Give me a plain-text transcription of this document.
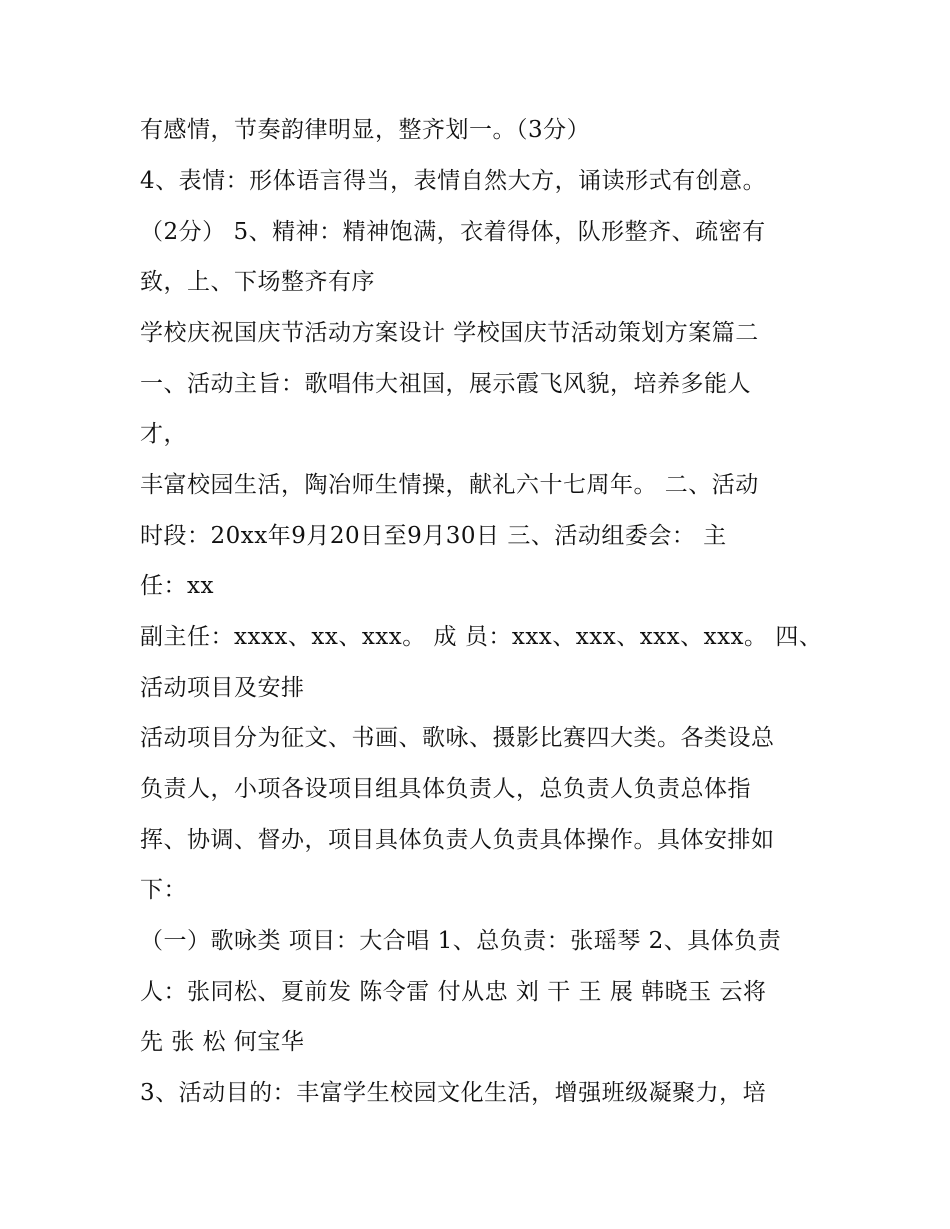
有感情，节奏韵律明显，整齐划一。（3分）
4、表情：形体语言得当，表情自然大方，诵读形式有创意。
（2分） 5、精神：精神饱满，衣着得体，队形整齐、疏密有
致，上、下场整齐有序
学校庆祝国庆节活动方案设计 学校国庆节活动策划方案篇二
一、活动主旨：歌唱伟大祖国，展示霞飞风貌，培养多能人
才，
丰富校园生活，陶冶师生情操，献礼六十七周年。 二、活动
时段：20xx年9月20日至9月30日 三、活动组委会： 主
任：xx
副主任：xxxx、xx、xxx。 成 员：xxx、xxx、xxx、xxx。 四、
活动项目及安排
活动项目分为征文、书画、歌咏、摄影比赛四大类。各类设总
负责人，小项各设项目组具体负责人，总负责人负责总体指
挥、协调、督办，项目具体负责人负责具体操作。具体安排如
下：
（一）歌咏类 项目：大合唱 1、总负责：张瑶琴 2、具体负责
人：张同松、夏前发 陈令雷 付从忠 刘 干 王 展 韩晓玉 云将
先 张 松 何宝华
3、活动目的：丰富学生校园文化生活，增强班级凝聚力，培
